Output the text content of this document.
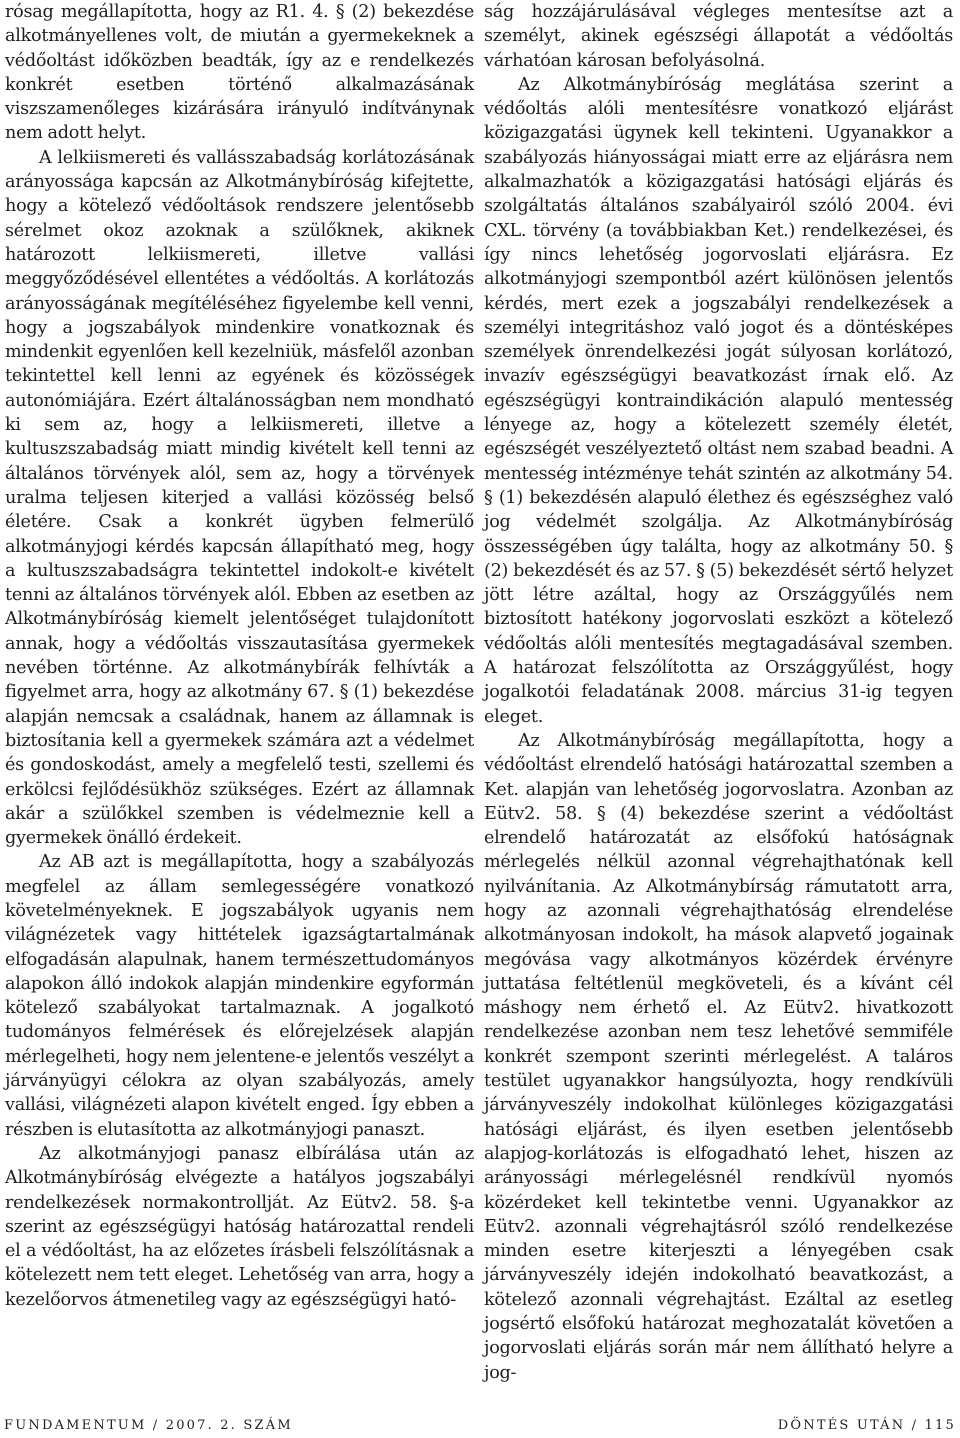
rósag megállapította, hogy az R1. 4. § (2) bekezdése alkotmányellenes volt, de miután a gyermekeknek a védőoltást időközben beadták, így az e rendelkezés konkrét esetben történő alkalmazásának viszszamenőleges kizárására irányuló indítványnak nem adott helyt.

A lelkiismereti és vallásszabadság korlátozásának arányossága kapcsán az Alkotmánybíróság kifejtette, hogy a kötelező védőoltások rendszere jelentősebb sérelmet okoz azoknak a szülőknek, akiknek határozott lelkiismereti, illetve vallási meggyőződésével ellentétes a védőoltás. A korlátozás arányosságának megítéléséhez figyelembe kell venni, hogy a jogszabályok mindenkire vonatkoznak és mindenkit egyenlően kell kezelniük, másfelől azonban tekintettel kell lenni az egyének és közösségek autonómiájára. Ezért általánosságban nem mondható ki sem az, hogy a lelkiismereti, illetve a kultuszszabadság miatt mindig kivételt kell tenni az általános törvények alól, sem az, hogy a törvények uralma teljesen kiterjed a vallási közösség belső életére. Csak a konkrét ügyben felmerülő alkotmányjogi kérdés kapcsán állapítható meg, hogy a kultuszszabadságra tekintettel indokolt-e kivételt tenni az általános törvények alól. Ebben az esetben az Alkotmánybíróság kiemelt jelentőséget tulajdonított annak, hogy a védőoltás visszautasítása gyermekek nevében történne. Az alkotmánybírák felhívták a figyelmet arra, hogy az alkotmány 67. § (1) bekezdése alapján nemcsak a családnak, hanem az államnak is biztosítania kell a gyermekek számára azt a védelmet és gondoskodást, amely a megfelelő testi, szellemi és erkölcsi fejlődésükhöz szükséges. Ezért az államnak akár a szülőkkel szemben is védelmeznie kell a gyermekek önálló érdekeit.

Az AB azt is megállapította, hogy a szabályozás megfelel az állam semlegességére vonatkozó követelményeknek. E jogszabályok ugyanis nem világnézetek vagy hittételek igazságtartalmának elfogadásán alapulnak, hanem természettudományos alapokon álló indokok alapján mindenkire egyformán kötelező szabályokat tartalmaznak. A jogalkotó tudományos felmérések és előrejelzések alapján mérlegelheti, hogy nem jelentene-e jelentős veszélyt a járványügyi célokra az olyan szabályozás, amely vallási, világnézeti alapon kivételt enged. Így ebben a részben is elutasította az alkotmányjogi panaszt.

Az alkotmányjogi panasz elbírálása után az Alkotmánybíróság elvégezte a hatályos jogszabályi rendelkezések normakontrollját. Az Eütv2. 58. §-a szerint az egészségügyi hatóság határozattal rendeli el a védőoltást, ha az előzetes írásbeli felszólításnak a kötelezett nem tett eleget. Lehetőség van arra, hogy a kezelőorvos átmenetileg vagy az egészségügyi ható-

ság hozzájárulásával végleges mentesítse azt a személyt, akinek egészségi állapotát a védőoltás várhatóan károsan befolyásolná.

Az Alkotmánybíróság meglátása szerint a védőoltás alóli mentesítésre vonatkozó eljárást közigazgatási ügynek kell tekinteni. Ugyanakkor a szabályozás hiányosságai miatt erre az eljárásra nem alkalmazhatók a közigazgatási hatósági eljárás és szolgáltatás általános szabályairól szóló 2004. évi CXL. törvény (a továbbiakban Ket.) rendelkezései, és így nincs lehetőség jogorvoslati eljárásra. Ez alkotmányjogi szempontból azért különösen jelentős kérdés, mert ezek a jogszabályi rendelkezések a személyi integritáshoz való jogot és a döntésképes személyek önrendelkezési jogát súlyosan korlátozó, invazív egészségügyi beavatkozást írnak elő. Az egészségügyi kontraindikáción alapuló mentesség lényege az, hogy a kötelezett személy életét, egészségét veszélyeztető oltást nem szabad beadni. A mentesség intézménye tehát szintén az alkotmány 54. § (1) bekezdésén alapuló élethez és egészséghez való jog védelmét szolgálja. Az Alkotmánybíróság összességében úgy találta, hogy az alkotmány 50. § (2) bekezdését és az 57. § (5) bekezdését sértő helyzet jött létre azáltal, hogy az Országgyűlés nem biztosított hatékony jogorvoslati eszközt a kötelező védőoltás alóli mentesítés megtagadásával szemben. A határozat felszólította az Országgyűlést, hogy jogalkotói feladatának 2008. március 31-ig tegyen eleget.

Az Alkotmánybíróság megállapította, hogy a védőoltást elrendelő hatósági határozattal szemben a Ket. alapján van lehetőség jogorvoslatra. Azonban az Eütv2. 58. § (4) bekezdése szerint a védőoltást elrendelő határozatát az elsőfokú hatóságnak mérlegelés nélkül azonnal végrehajthatónak kell nyilvánítania. Az Alkotmánybírság rámutatott arra, hogy az azonnali végrehajthatóság elrendelése alkotmányosan indokolt, ha mások alapvető jogainak megóvása vagy alkotmányos közérdek érvényre juttatása feltétlenül megköveteli, és a kívánt cél máshogy nem érhető el. Az Eütv2. hivatkozott rendelkezése azonban nem tesz lehetővé semmiféle konkrét szempont szerinti mérlegelést. A taláros testület ugyanakkor hangsúlyozta, hogy rendkívüli járványveszély indokolhat különleges közigazgatási hatósági eljárást, és ilyen esetben jelentősebb alapjog-korlátozás is elfogadható lehet, hiszen az arányossági mérlegelésnél rendkívül nyomós közérdeket kell tekintetbe venni. Ugyanakkor az Eütv2. azonnali végrehajtásról szóló rendelkezése minden esetre kiterjeszti a lényegében csak járványveszély idején indokolható beavatkozást, a kötelező azonnali végrehajtást. Ezáltal az esetleg jogsértő elsőfokú határozat meghozatalát követően a jogorvoslati eljárás során már nem állítható helyre a jog-

FUNDAMENTUM / 2007. 2. SZÁM	DÖNTÉS UTÁN / 115
